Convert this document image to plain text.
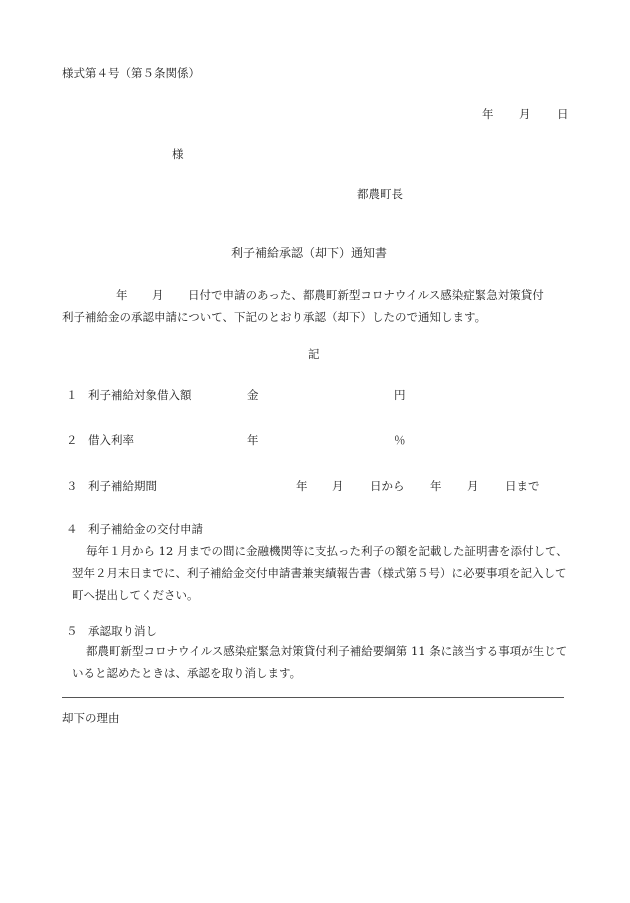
様式第４号（第５条関係）
年 月 日
様
都農町長
利子補給承認（却下）通知書
年 月 日付で申請のあった、都農町新型コロナウイルス感染症緊急対策貸付
利子補給金の承認申請について、下記のとおり承認（却下）したので通知します。
記
１ 利子補給対象借入額	金	円
２ 借入利率	年	％
３ 利子補給期間	年 月 日から 年 月 日まで
４ 利子補給金の交付申請
毎年１月から 12 月までの間に金融機関等に支払った利子の額を記載した証明書を添付して、翌年２月末日までに、利子補給金交付申請書兼実績報告書（様式第５号）に必要事項を記入して町へ提出してください。
５ 承認取り消し
都農町新型コロナウイルス感染症緊急対策貸付利子補給要綱第 11 条に該当する事項が生じていると認めたときは、承認を取り消します。
却下の理由
